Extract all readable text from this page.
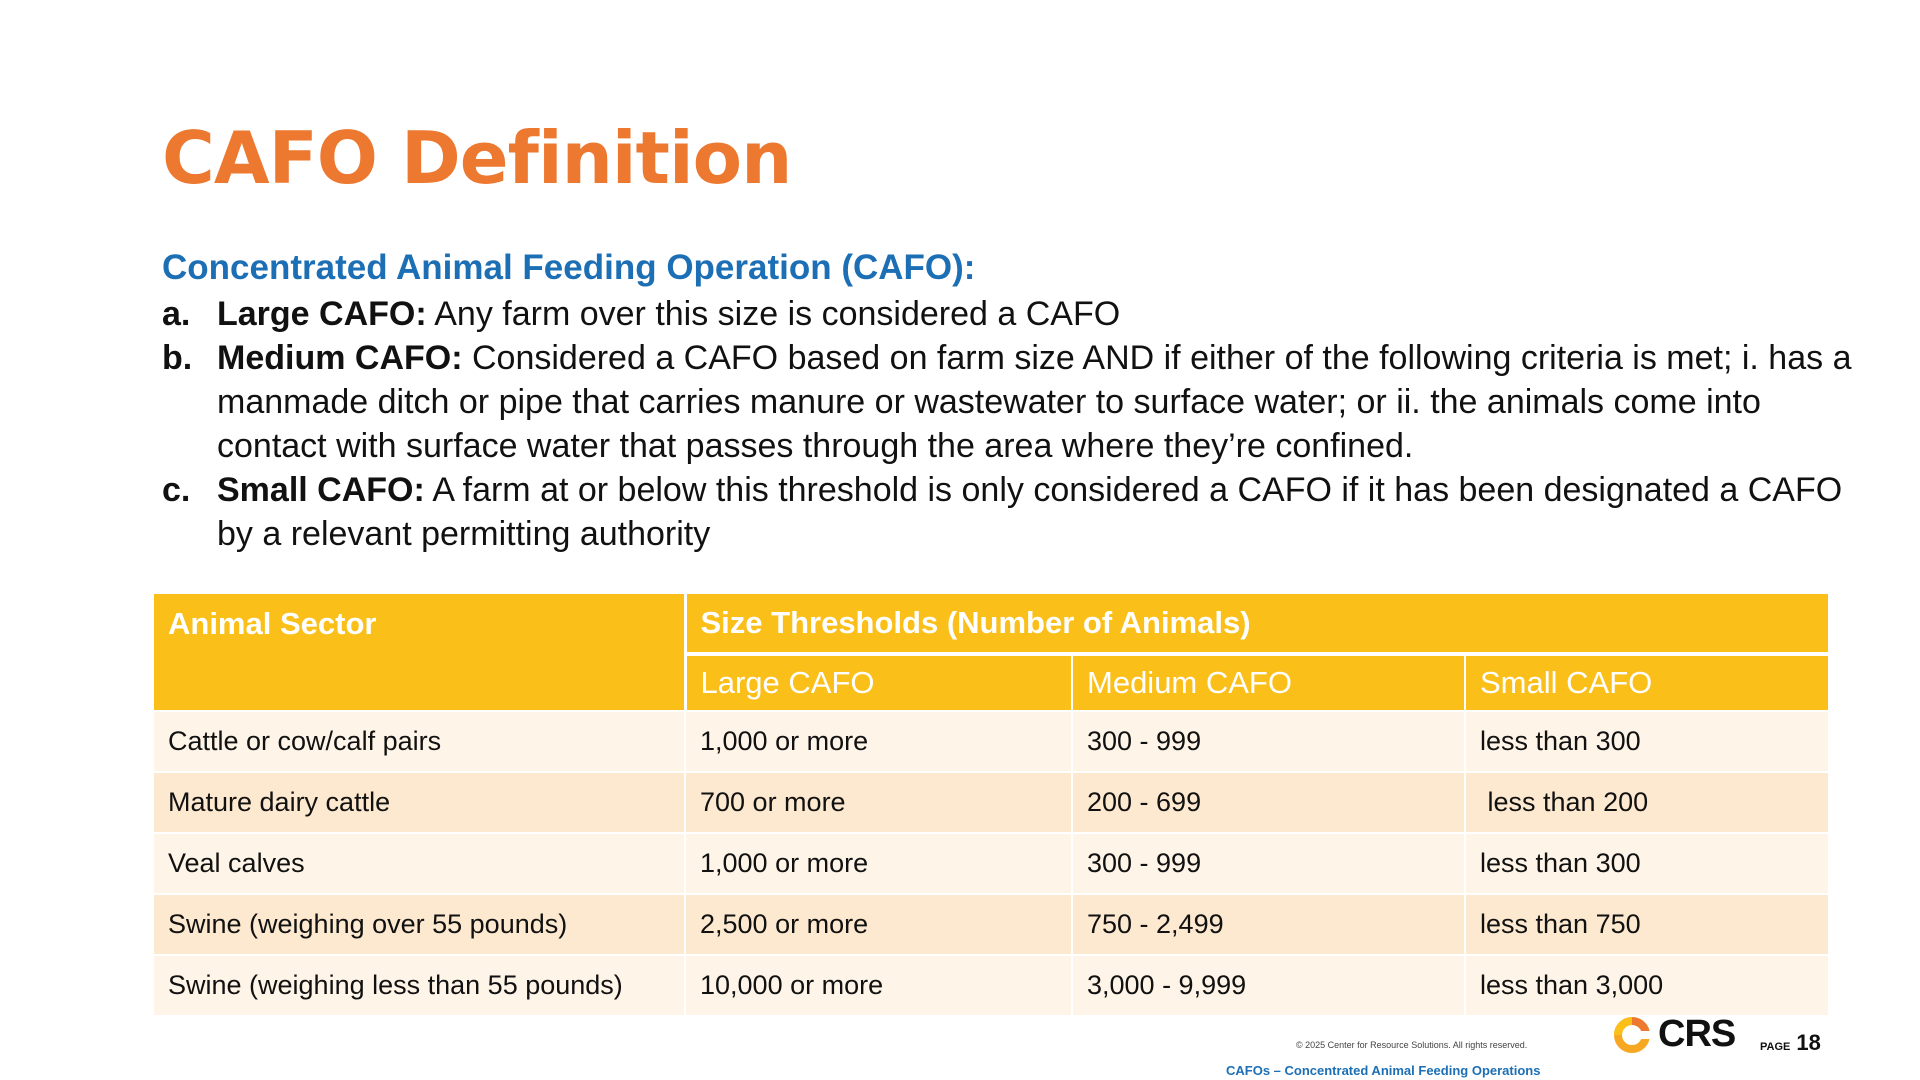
CAFO Definition
Concentrated Animal Feeding Operation (CAFO):
a. Large CAFO: Any farm over this size is considered a CAFO
b. Medium CAFO: Considered a CAFO based on farm size AND if either of the following criteria is met; i. has a manmade ditch or pipe that carries manure or wastewater to surface water; or ii. the animals come into contact with surface water that passes through the area where they’re confined.
c. Small CAFO: A farm at or below this threshold is only considered a CAFO if it has been designated a CAFO by a relevant permitting authority
Animal Sector	Size Thresholds (Number of Animals)		
	Large CAFO	Medium CAFO	Small CAFO
Cattle or cow/calf pairs	1,000 or more	300 - 999	less than 300
Mature dairy cattle	700 or more	200 - 699	less than 200
Veal calves	1,000 or more	300 - 999	less than 300
Swine (weighing over 55 pounds)	2,500 or more	750 - 2,499	less than 750
Swine (weighing less than 55 pounds)	10,000 or more	3,000 - 9,999	less than 3,000
© 2025 Center for Resource Solutions. All rights reserved.
CAFOs – Concentrated Animal Feeding Operations
CRS PAGE 18
